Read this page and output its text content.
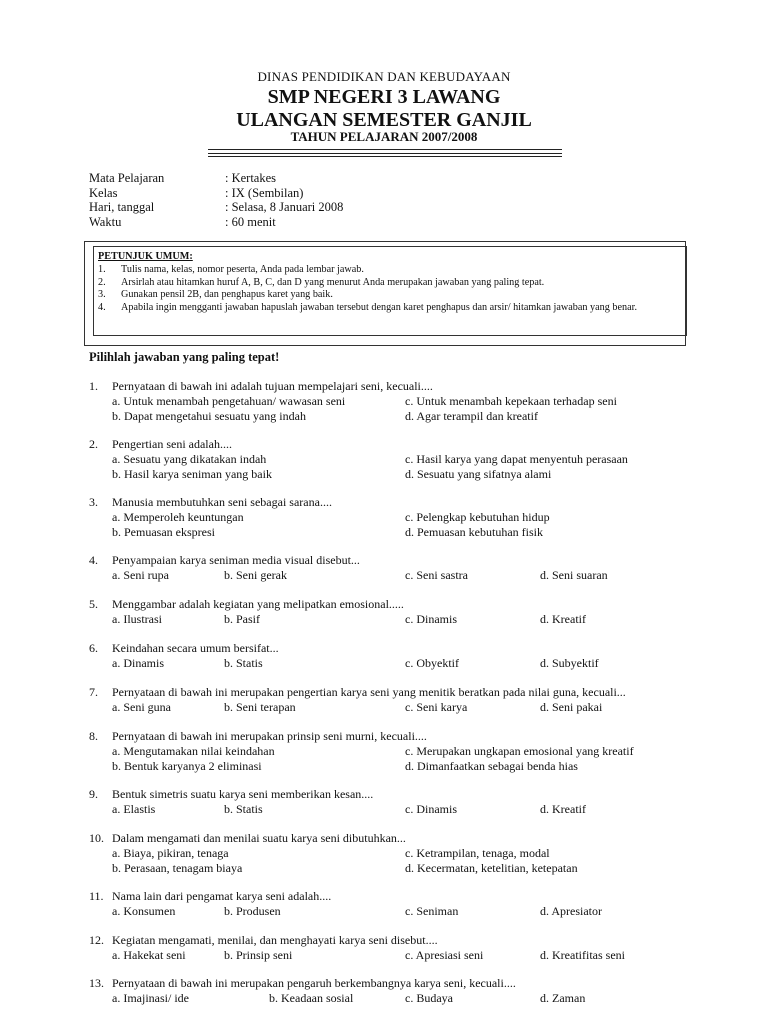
DINAS PENDIDIKAN DAN KEBUDAYAAN
SMP NEGERI 3 LAWANG
ULANGAN SEMESTER GANJIL
TAHUN PELAJARAN 2007/2008
Mata Pelajaran	: Kertakes
Kelas	: IX (Sembilan)
Hari, tanggal	: Selasa, 8 Januari 2008
Waktu	: 60 menit
PETUNJUK UMUM:
1.	Tulis nama, kelas, nomor peserta, Anda pada lembar jawab.
2.	Arsirlah atau hitamkan huruf A, B, C, dan D yang menurut Anda merupakan jawaban yang paling tepat.
3.	Gunakan pensil 2B, dan penghapus karet yang baik.
4.	Apabila ingin mengganti jawaban hapuslah jawaban tersebut dengan karet penghapus dan arsir/ hitamkan jawaban yang benar.
Pilihlah jawaban yang paling tepat!
1.	Pernyataan di bawah ini adalah tujuan mempelajari seni, kecuali....
a. Untuk menambah pengetahuan/ wawasan seni	c. Untuk menambah kepekaan terhadap seni
b. Dapat mengetahui sesuatu yang indah	d. Agar terampil dan kreatif
2.	Pengertian seni adalah....
a. Sesuatu yang dikatakan indah	c. Hasil karya yang dapat menyentuh perasaan
b. Hasil karya seniman yang baik	d. Sesuatu yang sifatnya alami
3.	Manusia membutuhkan seni sebagai sarana....
a. Memperoleh keuntungan	c. Pelengkap kebutuhan hidup
b. Pemuasan ekspresi	d. Pemuasan kebutuhan fisik
4.	Penyampaian karya seniman media visual disebut...
a. Seni rupa	b. Seni gerak	c. Seni sastra	d. Seni suaran
5.	Menggambar adalah kegiatan yang melipatkan emosional.....
a. Ilustrasi	b. Pasif	c. Dinamis	d. Kreatif
6.	Keindahan secara umum bersifat...
a. Dinamis	b. Statis	c. Obyektif	d. Subyektif
7.	Pernyataan di bawah ini merupakan pengertian karya seni yang menitik beratkan pada nilai guna, kecuali...
a. Seni guna	b. Seni terapan	c. Seni karya	d. Seni pakai
8.	Pernyataan di bawah ini merupakan prinsip seni murni, kecuali....
a. Mengutamakan nilai keindahan	c. Merupakan ungkapan emosional yang kreatif
b. Bentuk karyanya 2 eliminasi	d. Dimanfaatkan sebagai benda hias
9.	Bentuk simetris suatu karya seni memberikan kesan....
a. Elastis	b. Statis	c. Dinamis	d. Kreatif
10. Dalam mengamati dan menilai suatu karya seni dibutuhkan...
a. Biaya, pikiran, tenaga	c. Ketrampilan, tenaga, modal
b. Perasaan, tenagam biaya	d. Kecermatan, ketelitian, ketepatan
11. Nama lain dari pengamat karya seni adalah....
a. Konsumen	b. Produsen	c. Seniman	d. Apresiator
12. Kegiatan mengamati, menilai, dan menghayati karya seni disebut....
a. Hakekat seni	b. Prinsip seni	c. Apresiasi seni	d. Kreatifitas seni
13. Pernyataan di bawah ini merupakan pengaruh berkembangnya karya seni, kecuali....
a. Imajinasi/ ide	b. Keadaan sosial	c. Budaya	d. Zaman
